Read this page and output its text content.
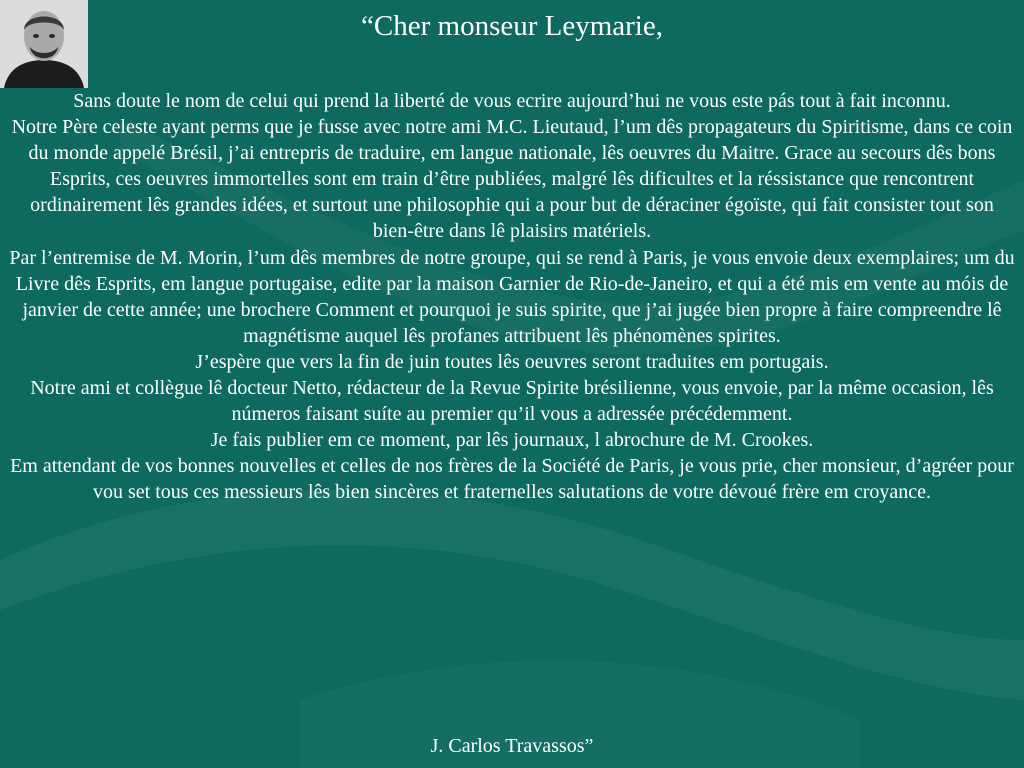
“Cher monseur Leymarie,

Sans doute le nom de celui qui prend la liberté de vous ecrire aujourd’hui ne vous este pás tout à fait inconnu.

Notre Père celeste ayant perms que je fusse avec notre ami M.C. Lieutaud, l’um dês propagateurs du Spiritisme, dans ce coin du monde appelé Brésil, j’ai entrepris de traduire, em langue nationale, lês oeuvres du Maitre. Grace au secours dês bons Esprits, ces oeuvres immortelles sont em train d’être publiées, malgré lês dificultes et la réssistance que rencontrent ordinairement lês grandes idées, et surtout une philosophie qui a pour but de déraciner égoïste, qui fait consister tout son bien-être dans lê plaisirs matériels.

Par l’entremise de M. Morin, l’um dês membres de notre groupe, qui se rend à Paris, je vous envoie deux exemplaires; um du Livre dês Esprits, em langue portugaise, edite par la maison Garnier de Rio-de-Janeiro, et qui a été mis em vente au móis de janvier de cette année; une brochere Comment et pourquoi je suis spirite, que j’ai jugée bien propre à faire compreendre lê magnétisme auquel lês profanes attribuent lês phénomènes spirites.

J’espère que vers la fin de juin toutes lês oeuvres seront traduites em portugais.

Notre ami et collègue lê docteur Netto, rédacteur de la Revue Spirite brésilienne, vous envoie, par la même occasion, lês números faisant suíte au premier qu’il vous a adressée précédemment.

Je fais publier em ce moment, par lês journaux, l abrochure de M. Crookes.

Em attendant de vos bonnes nouvelles et celles de nos frères de la Société de Paris, je vous prie, cher monsieur, d’agréer pour vou set tous ces messieurs lês bien sincères et fraternelles salutations de votre dévoué frère em croyance.

J. Carlos Travassos”
